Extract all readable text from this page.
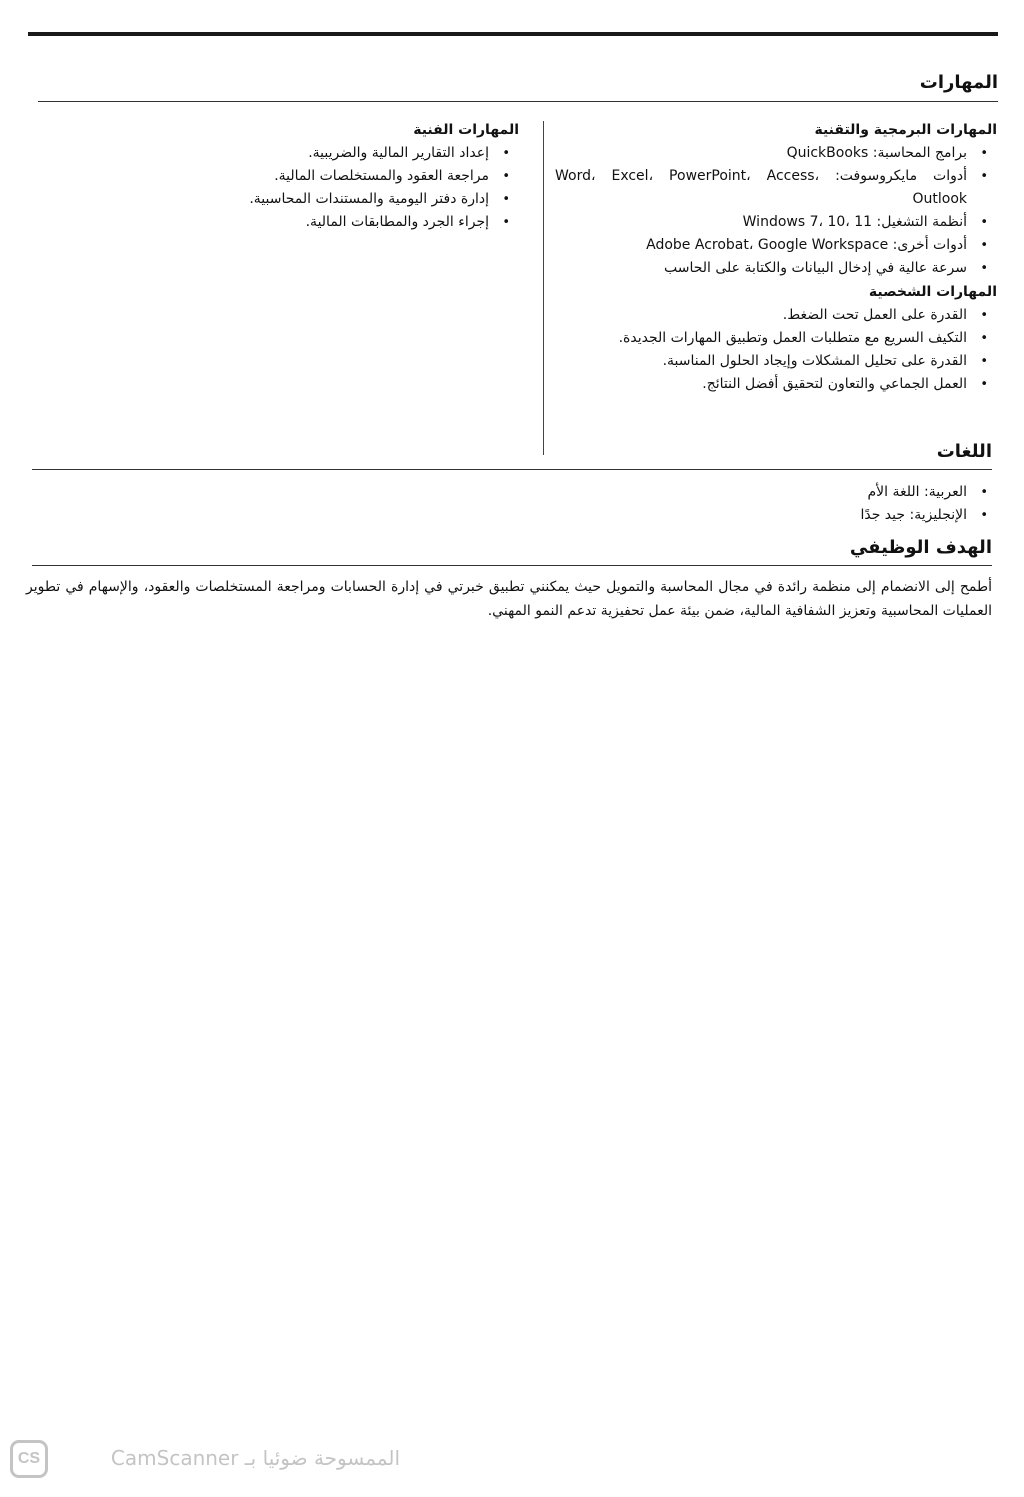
المهارات
المهارات البرمجية والتقنية
• برامج المحاسبة: QuickBooks
• أدوات مايكروسوفت: Word، Excel، PowerPoint، Access، Outlook
• أنظمة التشغيل: Windows 7، 10، 11
• أدوات أخرى: Adobe Acrobat، Google Workspace
• سرعة عالية في إدخال البيانات والكتابة على الحاسب
المهارات الشخصية
• القدرة على العمل تحت الضغط.
• التكيف السريع مع متطلبات العمل وتطبيق المهارات الجديدة.
• القدرة على تحليل المشكلات وإيجاد الحلول المناسبة.
• العمل الجماعي والتعاون لتحقيق أفضل النتائج.
المهارات الفنية
• إعداد التقارير المالية والضريبية.
• مراجعة العقود والمستخلصات المالية.
• إدارة دفتر اليومية والمستندات المحاسبية.
• إجراء الجرد والمطابقات المالية.
اللغات
• العربية: اللغة الأم
• الإنجليزية: جيد جدًا
الهدف الوظيفي

أطمح إلى الانضمام إلى منظمة رائدة في مجال المحاسبة والتمويل حيث يمكنني تطبيق خبرتي في إدارة الحسابات ومراجعة المستخلصات والعقود، والإسهام في تطوير العمليات المحاسبية وتعزيز الشفافية المالية، ضمن بيئة عمل تحفيزية تدعم النمو المهني.

CS	الممسوحة ضوئيا بـ CamScanner
